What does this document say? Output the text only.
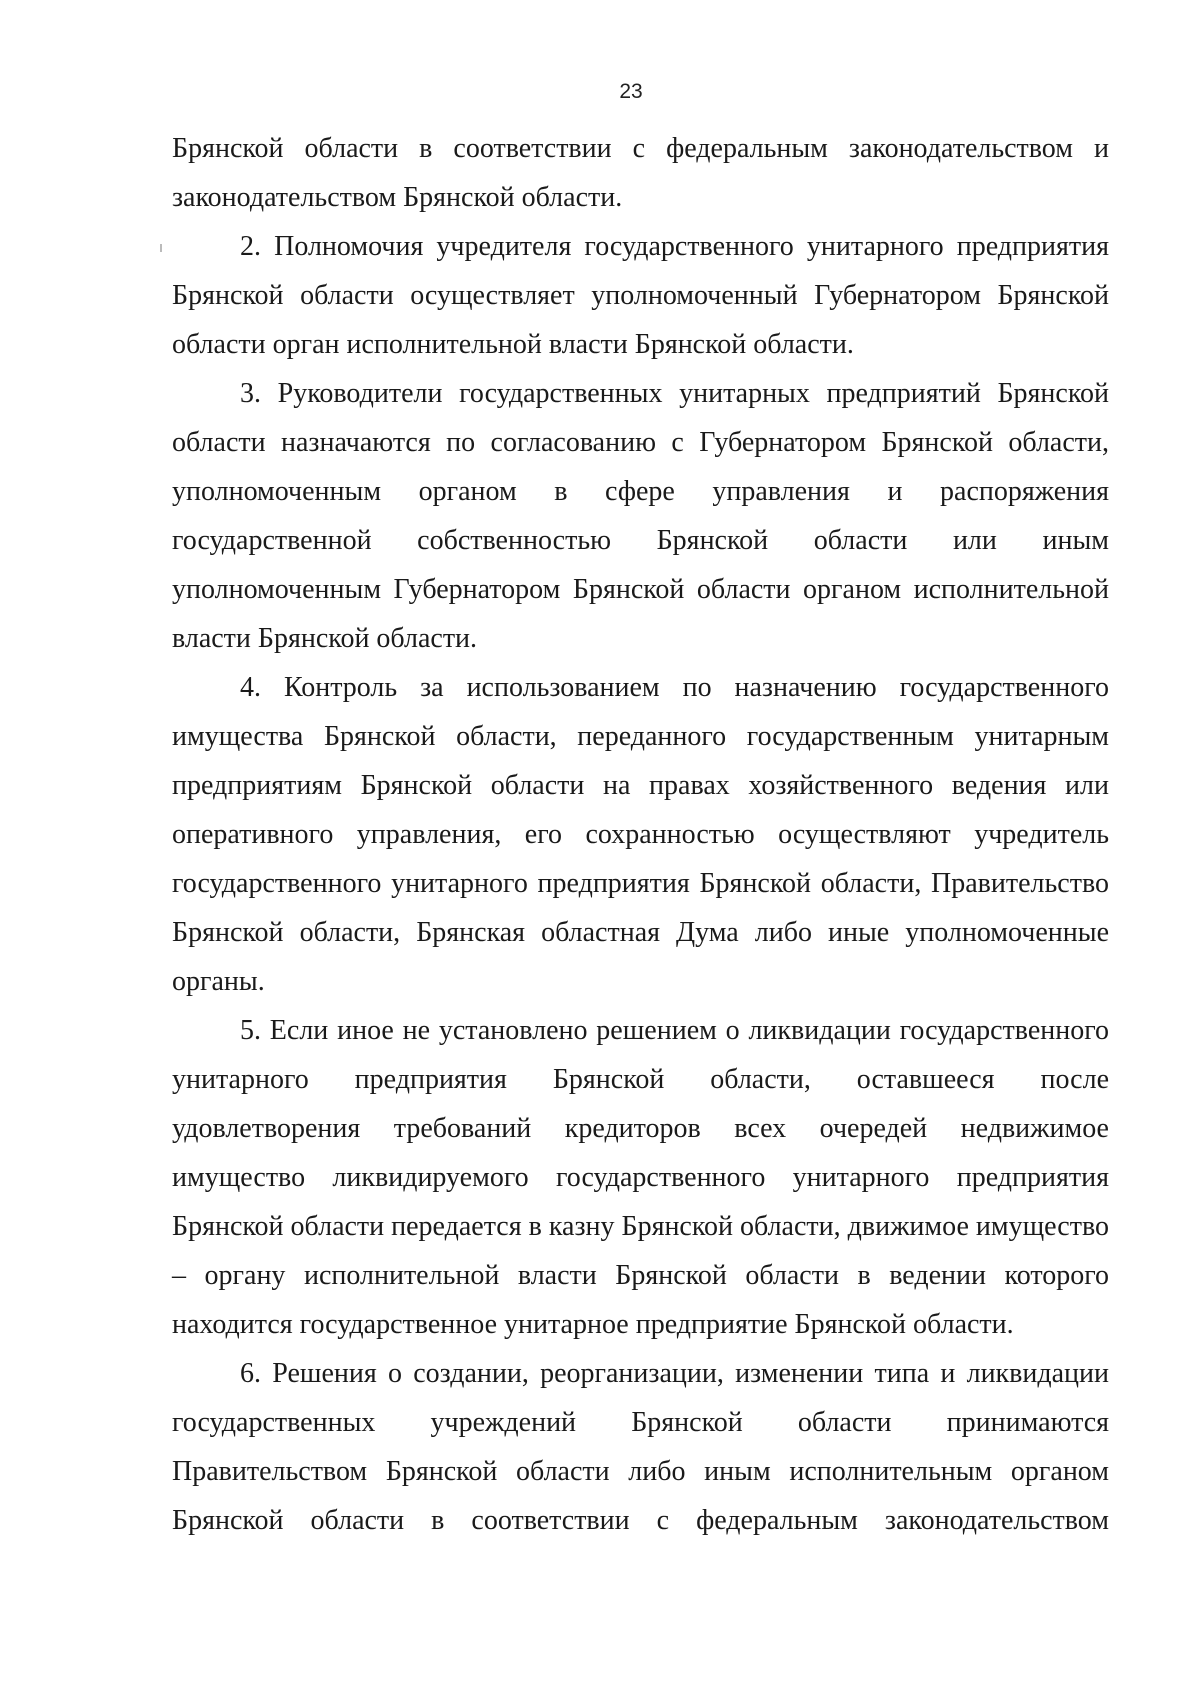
23

Брянской области в соответствии с федеральным законодательством и законодательством Брянской области.

2. Полномочия учредителя государственного унитарного предприятия Брянской области осуществляет уполномоченный Губернатором Брянской области орган исполнительной власти Брянской области.

3. Руководители государственных унитарных предприятий Брянской области назначаются по согласованию с Губернатором Брянской области, уполномоченным органом в сфере управления и распоряжения государственной собственностью Брянской области или иным уполномоченным Губернатором Брянской области органом исполнительной власти Брянской области.

4. Контроль за использованием по назначению государственного имущества Брянской области, переданного государственным унитарным предприятиям Брянской области на правах хозяйственного ведения или оперативного управления, его сохранностью осуществляют учредитель государственного унитарного предприятия Брянской области, Правительство Брянской области, Брянская областная Дума либо иные уполномоченные органы.

5. Если иное не установлено решением о ликвидации государственного унитарного предприятия Брянской области, оставшееся после удовлетворения требований кредиторов всех очередей недвижимое имущество ликвидируемого государственного унитарного предприятия Брянской области передается в казну Брянской области, движимое имущество – органу исполнительной власти Брянской области в ведении которого находится государственное унитарное предприятие Брянской области.

6. Решения о создании, реорганизации, изменении типа и ликвидации государственных учреждений Брянской области принимаются Правительством Брянской области либо иным исполнительным органом Брянской области в соответствии с федеральным законодательством
